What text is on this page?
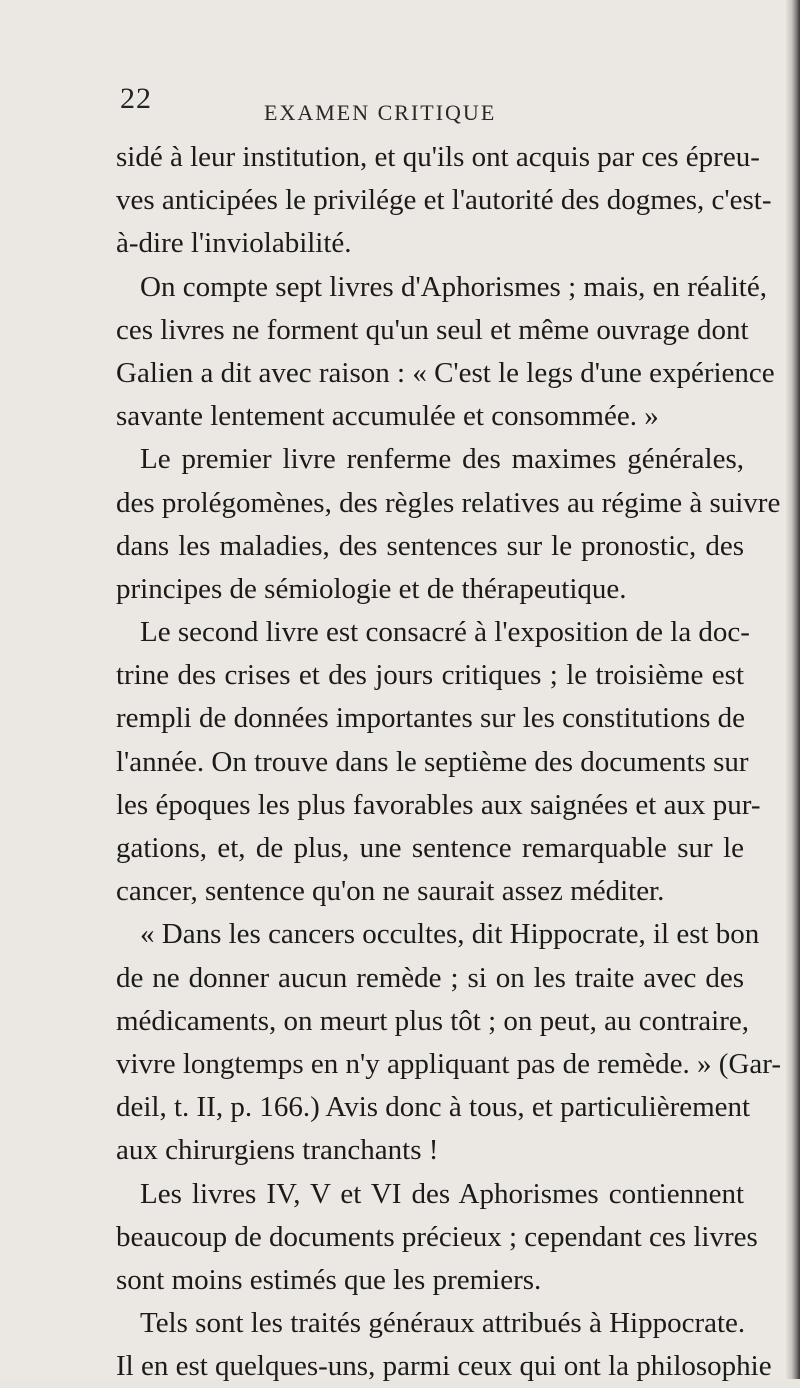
22	EXAMEN CRITIQUE
sidé à leur institution, et qu'ils ont acquis par ces épreu-
ves anticipées le privilége et l'autorité des dogmes, c'est-
à-dire l'inviolabilité.
On compte sept livres d'Aphorismes ; mais, en réalité,
ces livres ne forment qu'un seul et même ouvrage dont
Galien a dit avec raison : « C'est le legs d'une expérience
savante lentement accumulée et consommée. »
Le premier livre renferme des maximes générales,
des prolégomènes, des règles relatives au régime à suivre
dans les maladies, des sentences sur le pronostic, des
principes de sémiologie et de thérapeutique.
Le second livre est consacré à l'exposition de la doc-
trine des crises et des jours critiques ; le troisième est
rempli de données importantes sur les constitutions de
l'année. On trouve dans le septième des documents sur
les époques les plus favorables aux saignées et aux pur-
gations, et, de plus, une sentence remarquable sur le
cancer, sentence qu'on ne saurait assez méditer.
« Dans les cancers occultes, dit Hippocrate, il est bon
de ne donner aucun remède ; si on les traite avec des
médicaments, on meurt plus tôt ; on peut, au contraire,
vivre longtemps en n'y appliquant pas de remède. » (Gar-
deil, t. II, p. 166.) Avis donc à tous, et particulièrement
aux chirurgiens tranchants !
Les livres IV, V et VI des Aphorismes contiennent
beaucoup de documents précieux ; cependant ces livres
sont moins estimés que les premiers.
Tels sont les traités généraux attribués à Hippocrate.
Il en est quelques-uns, parmi ceux qui ont la philosophie
